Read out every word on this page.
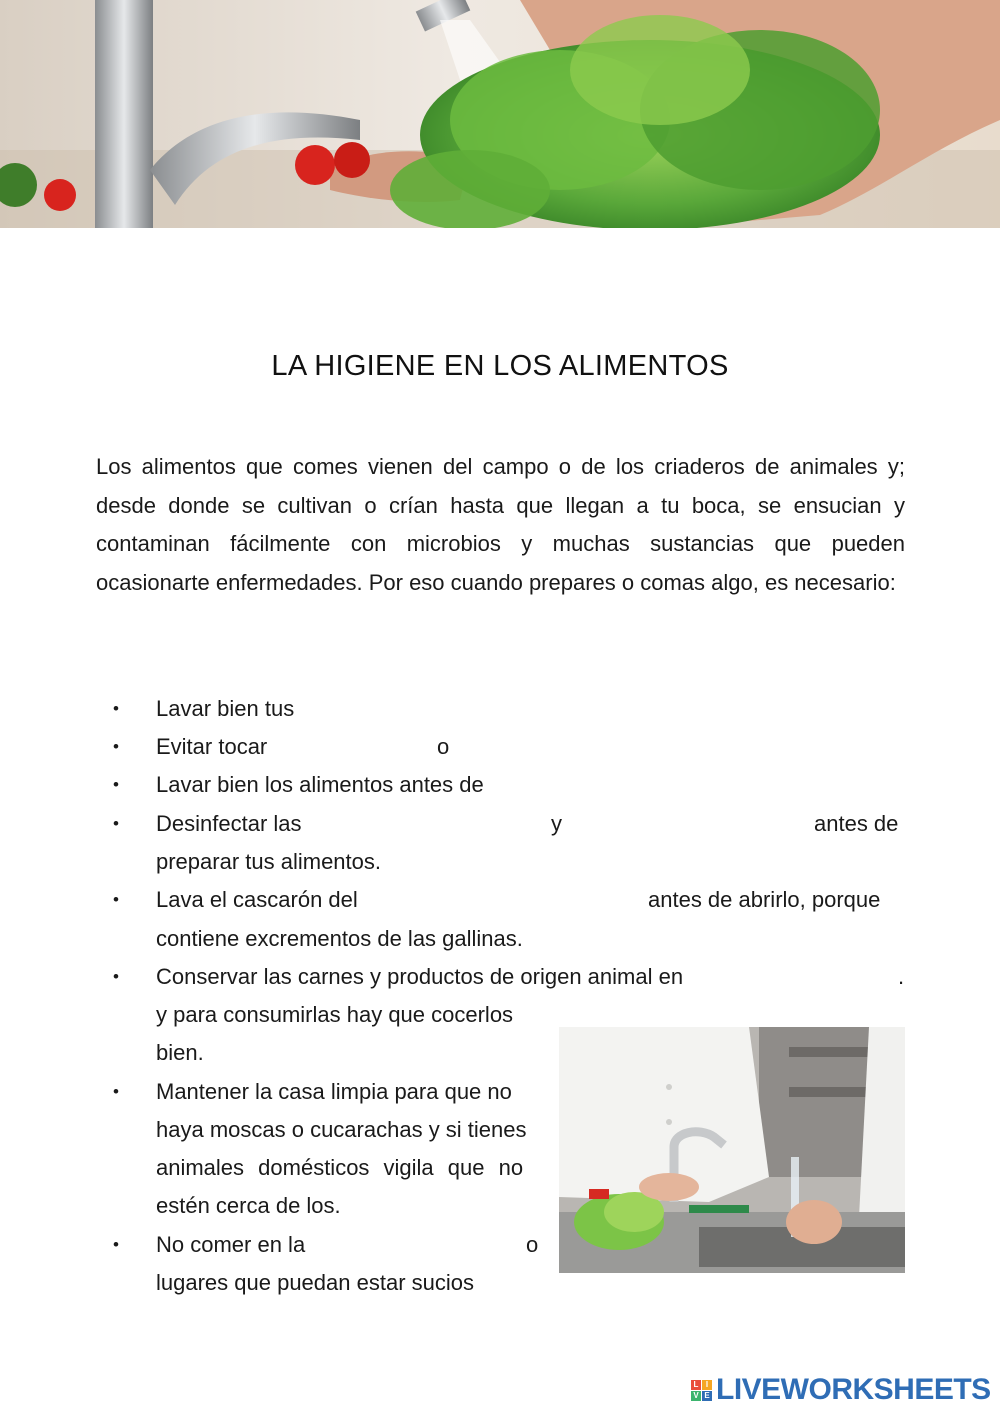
LA HIGIENE EN LOS ALIMENTOS

Los alimentos que comes vienen del campo o de los criaderos de animales y; desde donde se cultivan o crían hasta que llegan a tu boca, se ensucian y contaminan fácilmente con microbios y muchas sustancias que pueden ocasionarte enfermedades. Por eso cuando prepares o comas algo, es necesario:

• Lavar bien tus
• Evitar tocar	o
• Lavar bien los alimentos antes de
• Desinfectar las	y	antes de
preparar tus alimentos.
• Lava el cascarón del	antes de abrirlo, porque
contiene excrementos de las gallinas.
• Conservar las carnes y productos de origen animal en	.
y para consumirlas hay que cocerlos
bien.
• Mantener la casa limpia para que no
haya moscas o cucarachas y si tienes
animales domésticos vigila que no
estén cerca de los.
• No comer en la	o
lugares que puedan estar sucios
L I
V E LIVEWORKSHEETS
